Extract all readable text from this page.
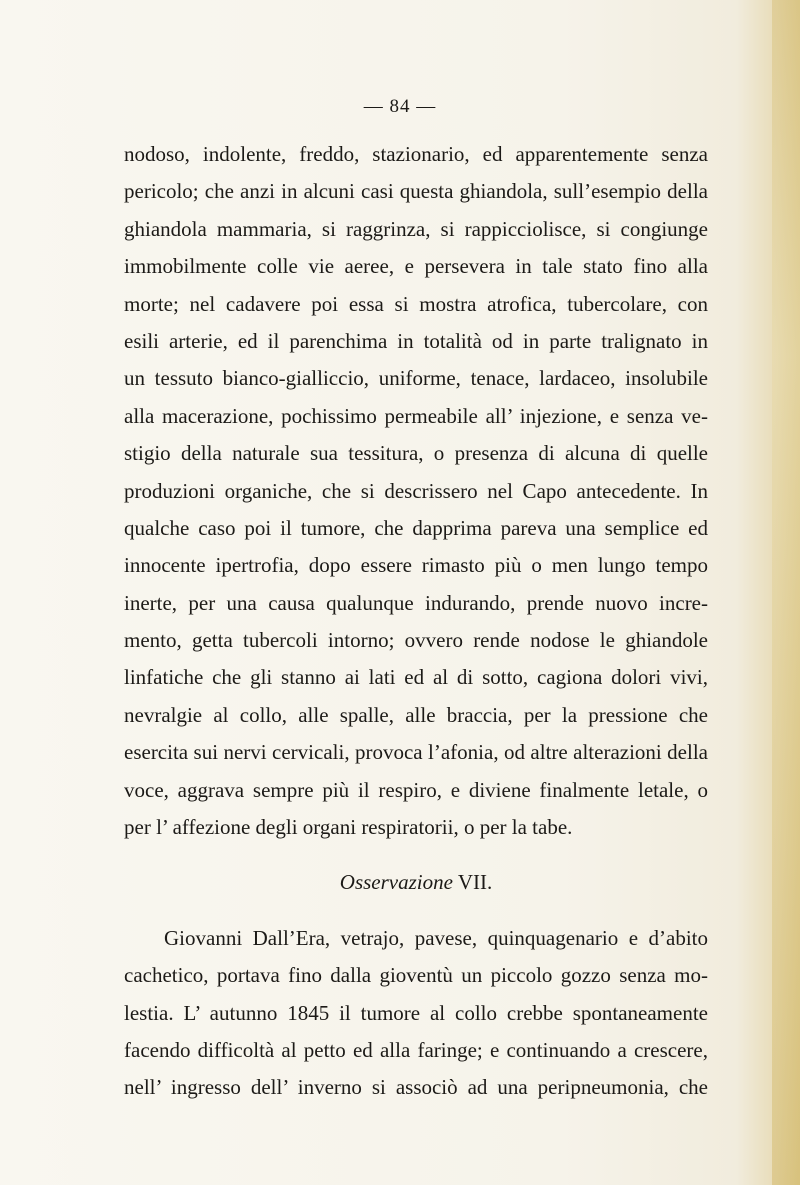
— 84 —
nodoso, indolente, freddo, stazionario, ed apparentemente senza
pericolo; che anzi in alcuni casi questa ghiandola, sull’esempio della
ghiandola mammaria, si raggrinza, si rappicciolisce, si congiunge
immobilmente colle vie aeree, e persevera in tale stato fino alla
morte; nel cadavere poi essa si mostra atrofica, tubercolare, con
esili arterie, ed il parenchima in totalità od in parte tralignato in
un tessuto bianco-gialliccio, uniforme, tenace, lardaceo, insolubile
alla macerazione, pochissimo permeabile all’ injezione, e senza ve-
stigio della naturale sua tessitura, o presenza di alcuna di quelle
produzioni organiche, che si descrissero nel Capo antecedente. In
qualche caso poi il tumore, che dapprima pareva una semplice ed
innocente ipertrofia, dopo essere rimasto più o men lungo tempo
inerte, per una causa qualunque indurando, prende nuovo incre-
mento, getta tubercoli intorno; ovvero rende nodose le ghiandole
linfatiche che gli stanno ai lati ed al di sotto, cagiona dolori vivi,
nevralgie al collo, alle spalle, alle braccia, per la pressione che
esercita sui nervi cervicali, provoca l’afonia, od altre alterazioni della
voce, aggrava sempre più il respiro, e diviene finalmente letale, o
per l’ affezione degli organi respiratorii, o per la tabe.
Osservazione VII.
Giovanni Dall’Era, vetrajo, pavese, quinquagenario e d’abito
cachetico, portava fino dalla gioventù un piccolo gozzo senza mo-
lestia. L’ autunno 1845 il tumore al collo crebbe spontaneamente
facendo difficoltà al petto ed alla faringe; e continuando a crescere,
nell’ ingresso dell’ inverno si associò ad una peripneumonia, che
